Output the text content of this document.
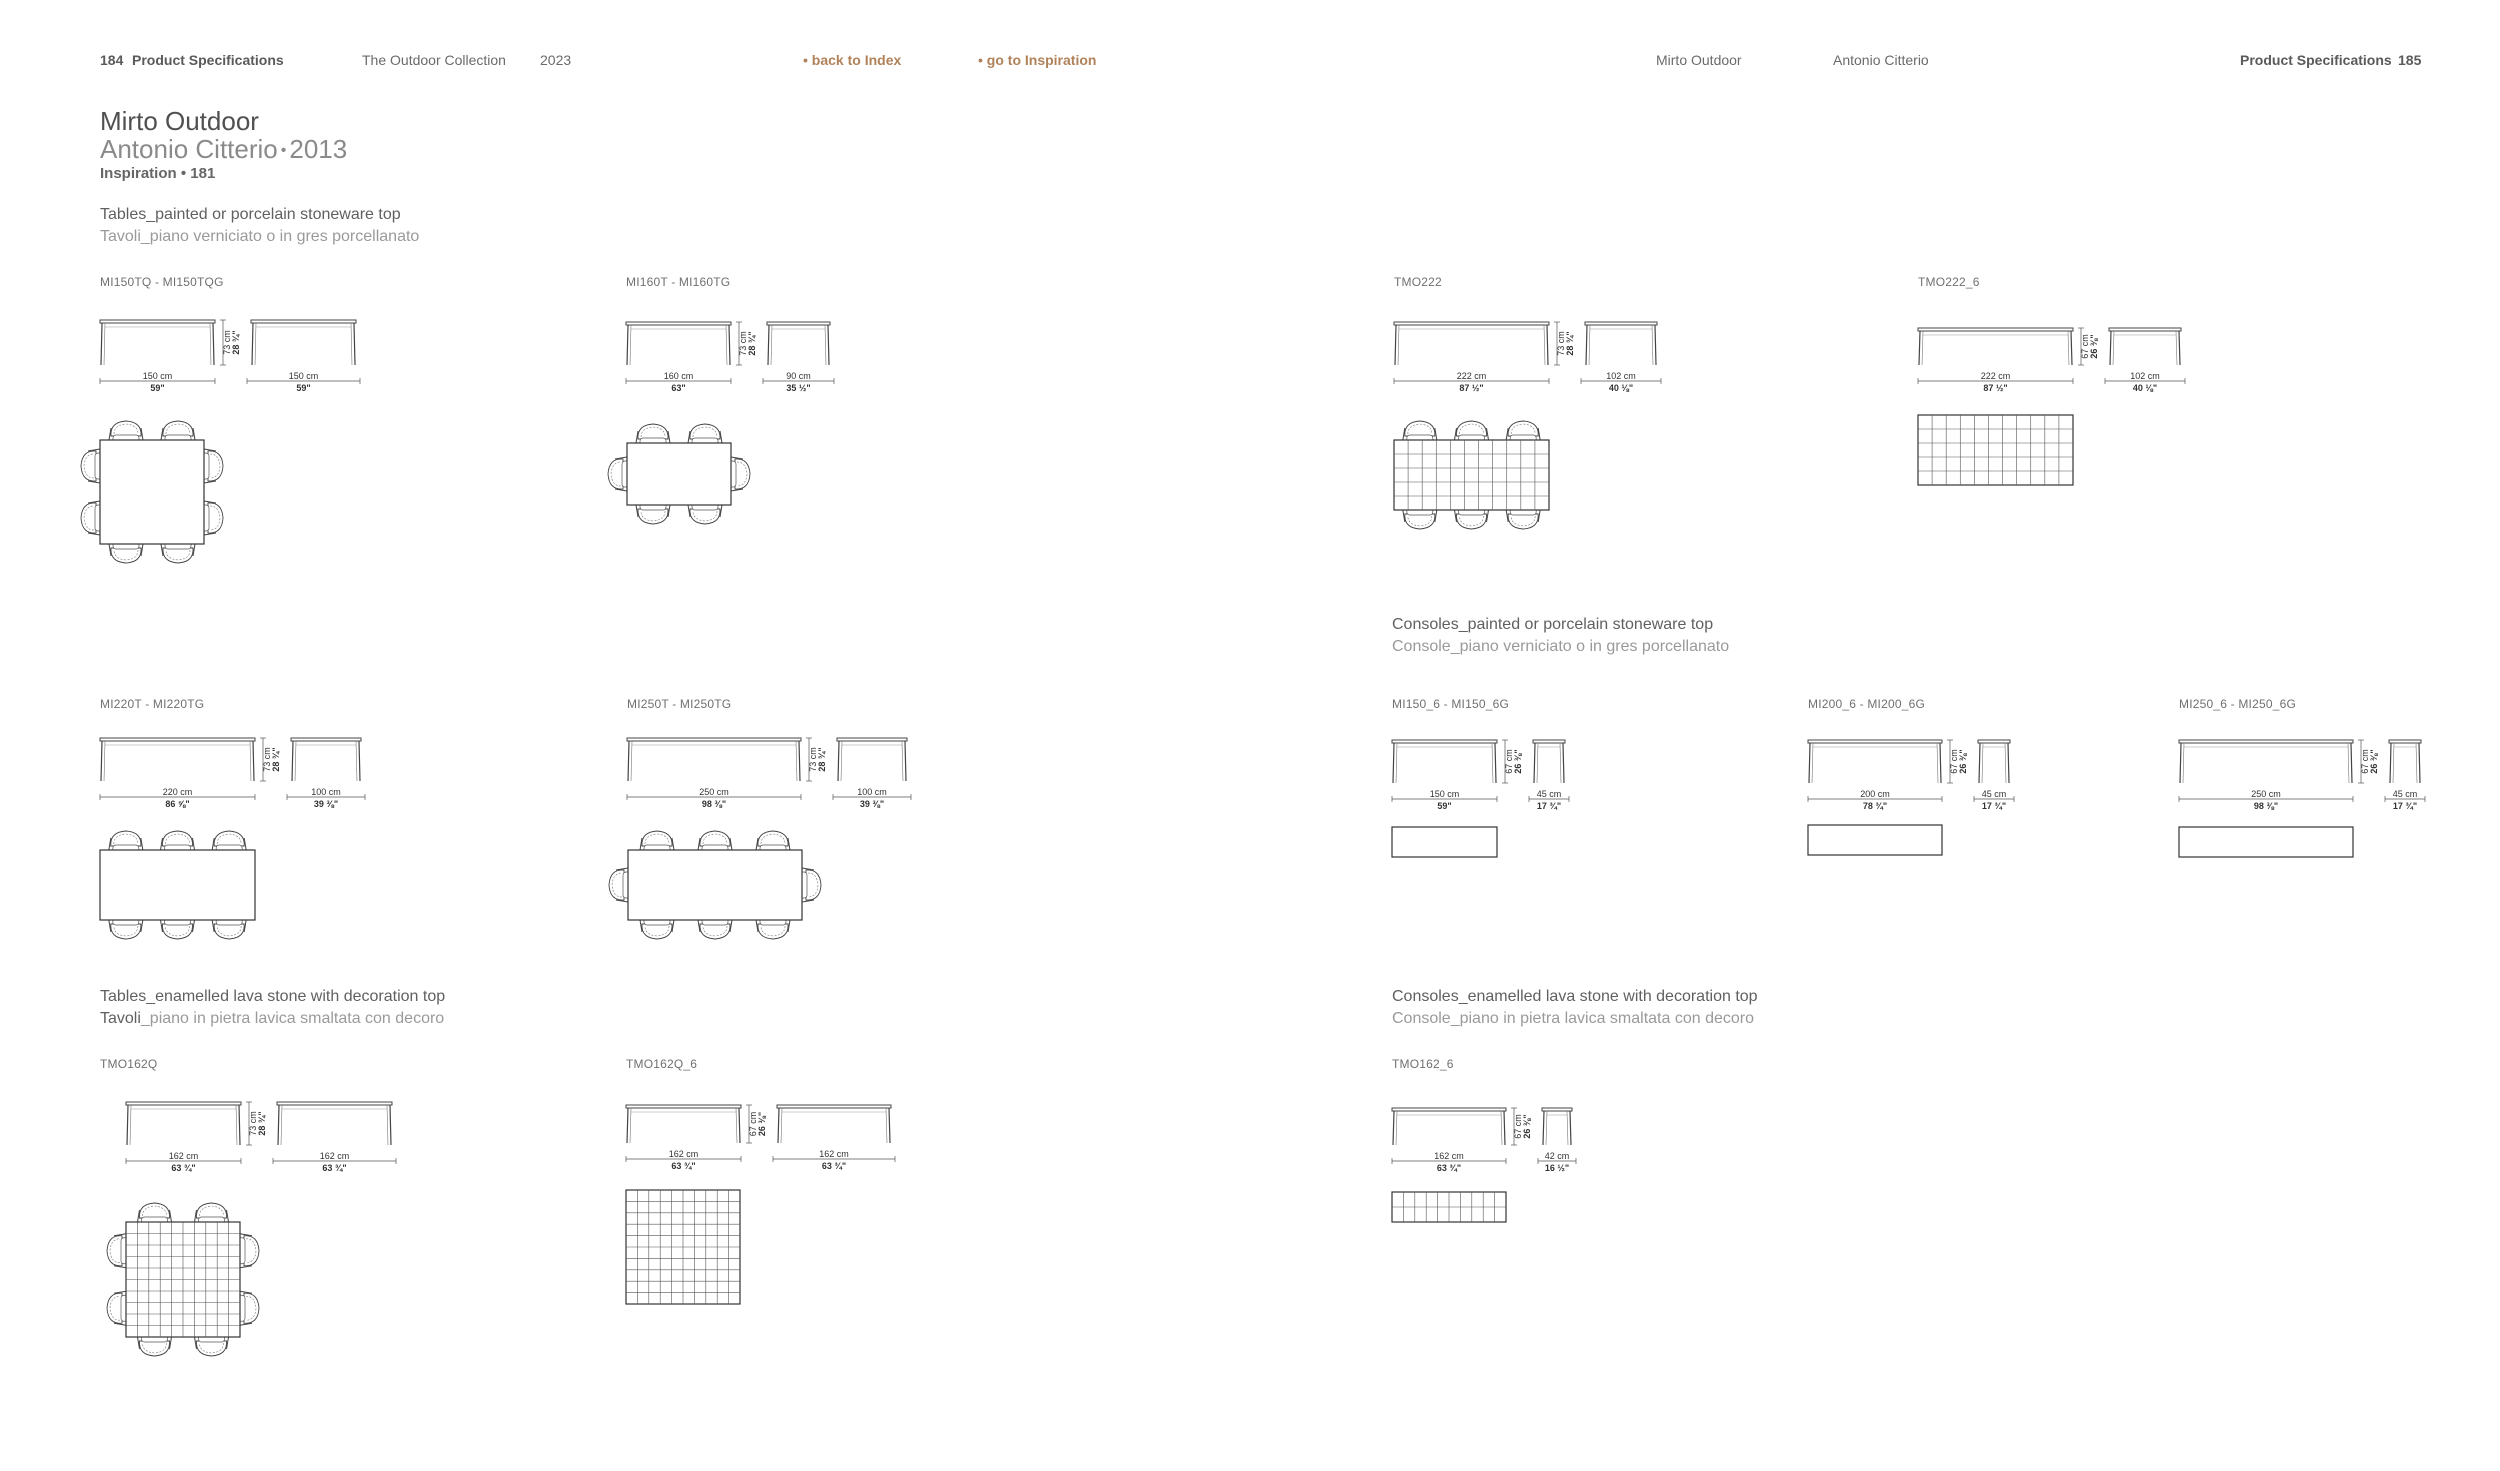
184 Product Specifications	The Outdoor Collection 2023	• back to Index	• go to Inspiration	Mirto Outdoor	Antonio Citterio	Product Specifications 185
Mirto Outdoor
Antonio Citterio • 2013
Inspiration • 181
Tables_painted or porcelain stoneware top
Tavoli_piano verniciato o in gres porcellanato
Consoles_painted or porcelain stoneware top
Console_piano verniciato o in gres porcellanato
Tables_enamelled lava stone with decoration top
Tavoli_piano in pietra lavica smaltata con decoro
Consoles_enamelled lava stone with decoration top
Console_piano in pietra lavica smaltata con decoro
MI150TQ - MI150TQG	MI160T - MI160TG	TMO222	TMO222_6
MI220T - MI220TG	MI250T - MI250TG	MI150_6 - MI150_6G	MI200_6 - MI200_6G	MI250_6 - MI250_6G
TMO162Q	TMO162Q_6	TMO162_6
73 cm 28 ¾"
150 cm
59"
150 cm
59"
73 cm 28 ¾"
160 cm
63"
90 cm
35 ½"
73 cm 28 ¾"
222 cm
87 ½"
102 cm
40 ⅛"
67 cm 26 ⅜"
222 cm
87 ½"
102 cm
40 ⅛"
73 cm 28 ¾"
220 cm
86 ⅝"
100 cm
39 ⅜"
73 cm 28 ¾"
250 cm
98 ⅜"
100 cm
39 ⅜"
67 cm 26 ⅜"
150 cm
59"
45 cm
17 ¾"
67 cm 26 ⅜"
200 cm
78 ¾"
45 cm
17 ¾"
67 cm 26 ⅜"
250 cm
98 ⅜"
45 cm
17 ¾"
73 cm 28 ¾"
162 cm
63 ¾"
162 cm
63 ¾"
67 cm 26 ⅜"
162 cm
63 ¾"
162 cm
63 ¾"
67 cm 26 ⅜"
162 cm
63 ¾"
42 cm
16 ½"
